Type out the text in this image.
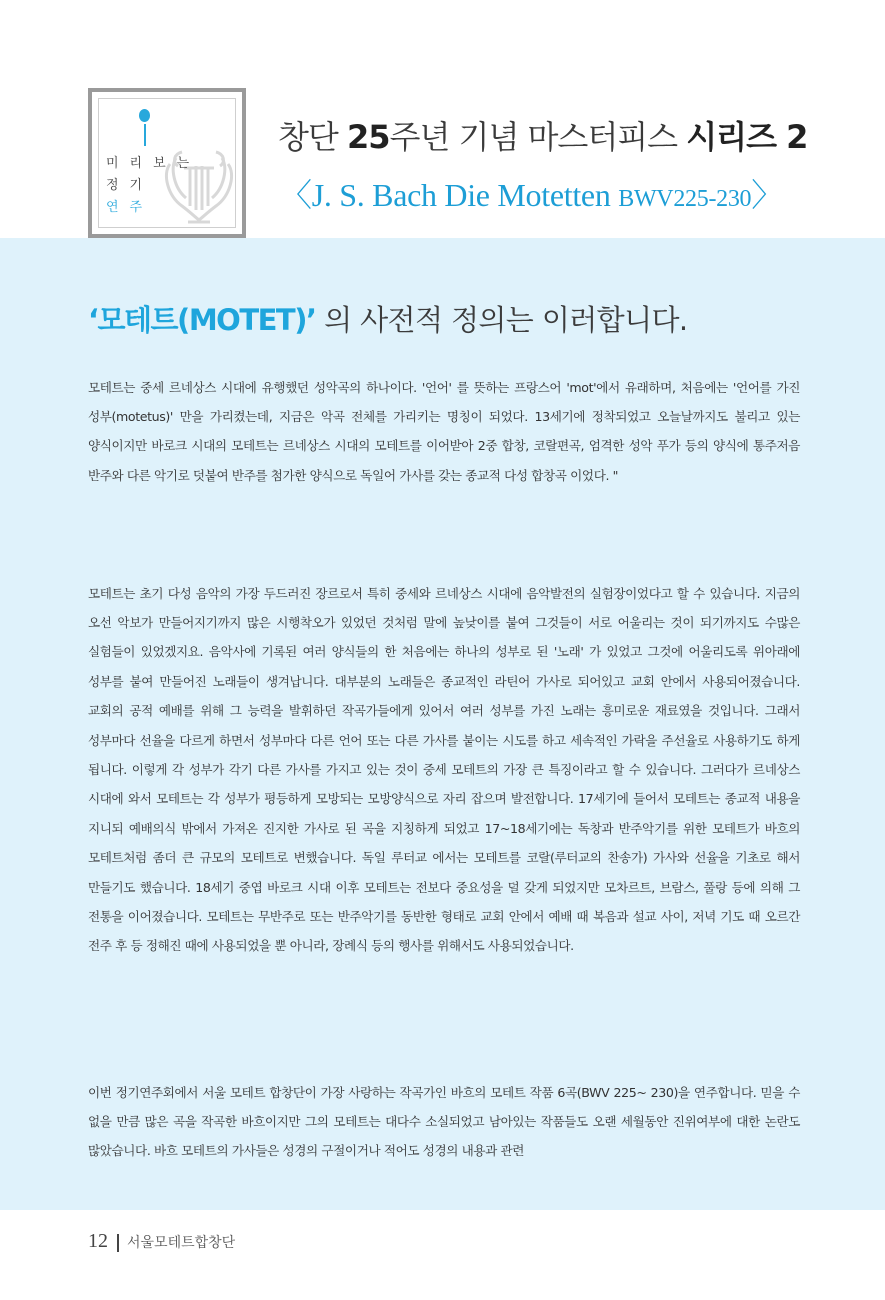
미리보는
정기
연주
창단 25주년 기념 마스터피스 시리즈 2
〈J. S. Bach Die Motetten BWV225-230〉
‘모테트(MOTET)’ 의 사전적 정의는 이러합니다.

모테트는 중세 르네상스 시대에 유행했던 성악곡의 하나이다. '언어' 를 뜻하는 프랑스어 'mot'에서 유래하며, 처음에는 '언어를 가진 성부(motetus)' 만을 가리켰는데, 지금은 악곡 전체를 가리키는 명칭이 되었다. 13세기에 정착되었고 오늘날까지도 불리고 있는 양식이지만 바로크 시대의 모테트는 르네상스 시대의 모테트를 이어받아 2중 합창, 코랄편곡, 엄격한 성악 푸가 등의 양식에 통주저음 반주와 다른 악기로 덧붙여 반주를 첨가한 양식으로 독일어 가사를 갖는 종교적 다성 합창곡 이었다. "

모테트는 초기 다성 음악의 가장 두드러진 장르로서 특히 중세와 르네상스 시대에 음악발전의 실험장이었다고 할 수 있습니다. 지금의 오선 악보가 만들어지기까지 많은 시행착오가 있었던 것처럼 말에 높낮이를 붙여 그것들이 서로 어울리는 것이 되기까지도 수많은 실험들이 있었겠지요. 음악사에 기록된 여러 양식들의 한 처음에는 하나의 성부로 된 '노래' 가 있었고 그것에 어울리도록 위아래에 성부를 붙여 만들어진 노래들이 생겨납니다. 대부분의 노래들은 종교적인 라틴어 가사로 되어있고 교회 안에서 사용되어졌습니다. 교회의 공적 예배를 위해 그 능력을 발휘하던 작곡가들에게 있어서 여러 성부를 가진 노래는 흥미로운 재료였을 것입니다. 그래서 성부마다 선율을 다르게 하면서 성부마다 다른 언어 또는 다른 가사를 붙이는 시도를 하고 세속적인 가락을 주선율로 사용하기도 하게 됩니다. 이렇게 각 성부가 각기 다른 가사를 가지고 있는 것이 중세 모테트의 가장 큰 특징이라고 할 수 있습니다. 그러다가 르네상스 시대에 와서 모테트는 각 성부가 평등하게 모방되는 모방양식으로 자리 잡으며 발전합니다. 17세기에 들어서 모테트는 종교적 내용을 지니되 예배의식 밖에서 가져온 진지한 가사로 된 곡을 지칭하게 되었고 17~18세기에는 독창과 반주악기를 위한 모테트가 바흐의 모테트처럼 좀더 큰 규모의 모테트로 변했습니다. 독일 루터교 에서는 모테트를 코랄(루터교의 찬송가) 가사와 선율을 기초로 해서 만들기도 했습니다. 18세기 중엽 바로크 시대 이후 모테트는 전보다 중요성을 덜 갖게 되었지만 모차르트, 브람스, 풀랑 등에 의해 그 전통을 이어졌습니다. 모테트는 무반주로 또는 반주악기를 동반한 형태로 교회 안에서 예배 때 복음과 설교 사이, 저녁 기도 때 오르간 전주 후 등 정해진 때에 사용되었을 뿐 아니라, 장례식 등의 행사를 위해서도 사용되었습니다.

이번 정기연주회에서 서울 모테트 합창단이 가장 사랑하는 작곡가인 바흐의 모테트 작품 6곡(BWV 225~ 230)을 연주합니다. 믿을 수 없을 만큼 많은 곡을 작곡한 바흐이지만 그의 모테트는 대다수 소실되었고 남아있는 작품들도 오랜 세월동안 진위여부에 대한 논란도 많았습니다. 바흐 모테트의 가사들은 성경의 구절이거나 적어도 성경의 내용과 관련

12 서울모테트합창단
